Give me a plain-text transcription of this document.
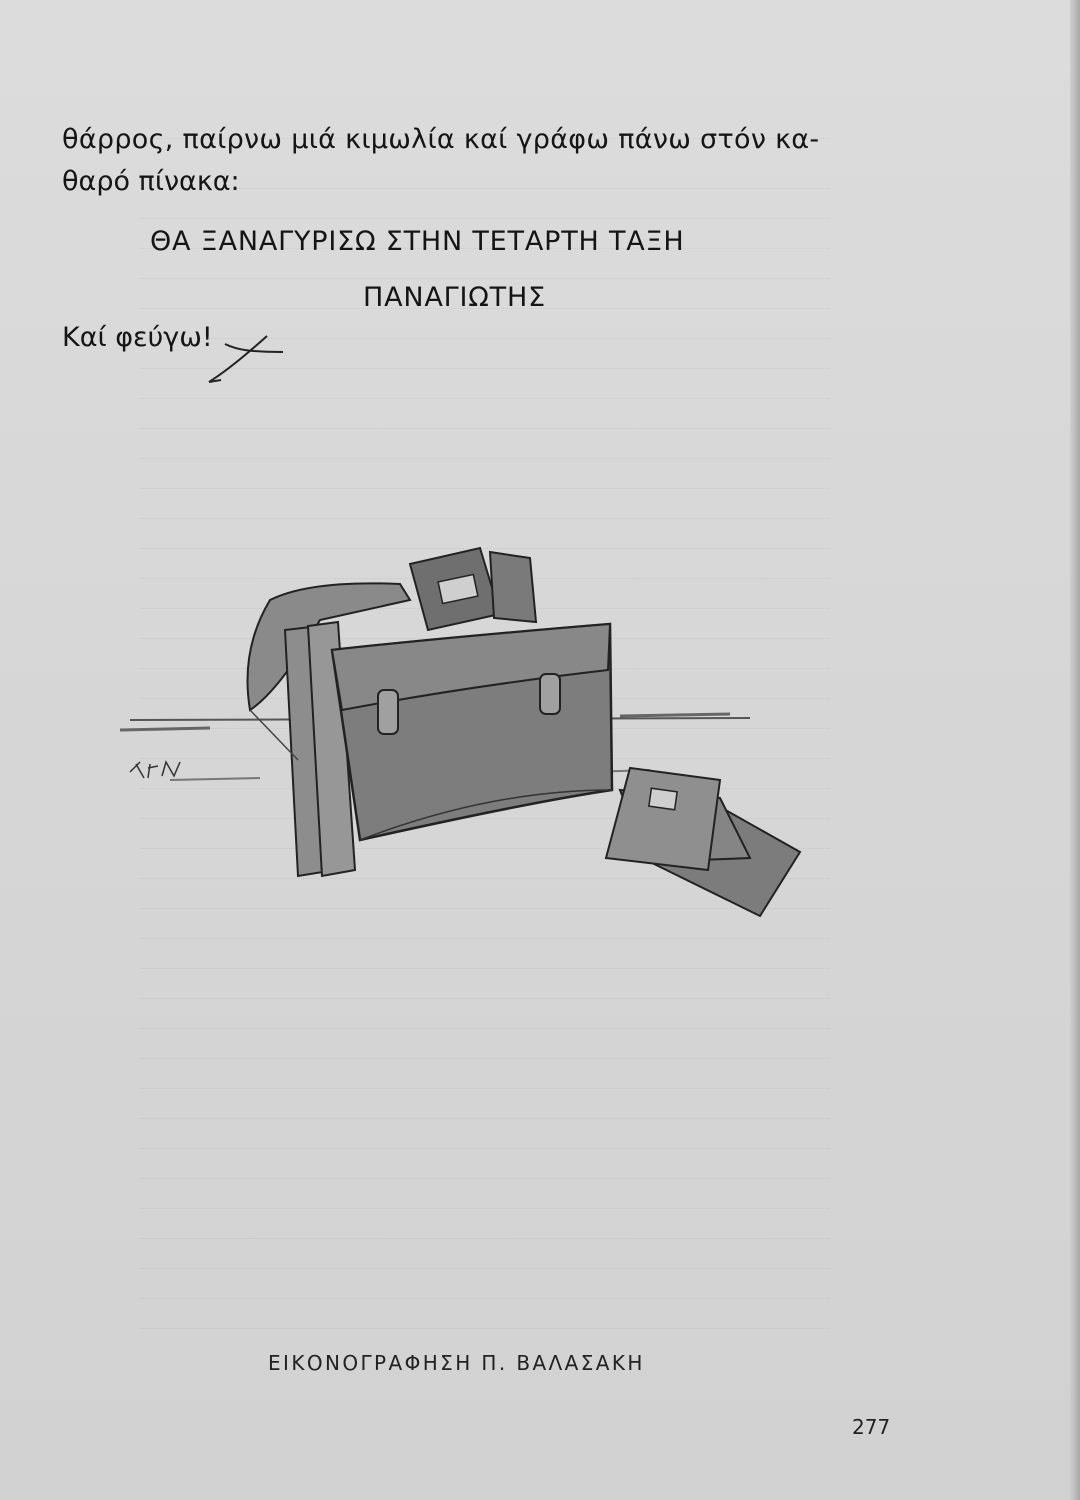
θάρρος, παίρνω μιά κιμωλία καί γράφω πάνω στόν κα-
θαρό πίνακα:
ΘΑ ΞΑΝΑΓΥΡΙΣΩ ΣΤΗΝ ΤΕΤΑΡΤΗ ΤΑΞΗ
ΠΑΝΑΓΙΩΤΗΣ
Καί φεύγω!
ΕΙΚΟΝΟΓΡΑΦΗΣΗ Π. ΒΑΛΑΣΑΚΗ
277
